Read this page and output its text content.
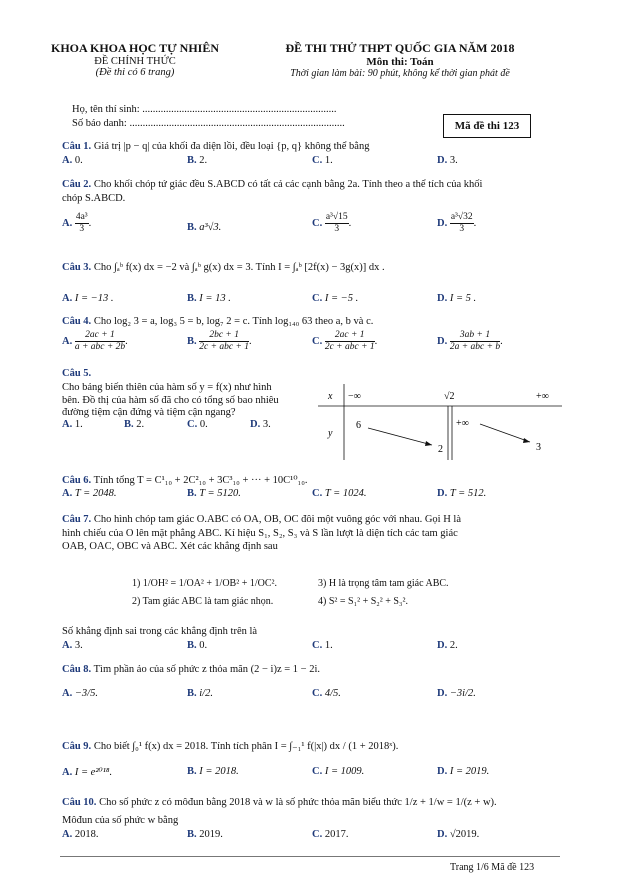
KHOA KHOA HỌC TỰ NHIÊN
ĐỀ CHÍNH THỨC
(Đề thi có 6 trang)
ĐỀ THI THỬ THPT QUỐC GIA NĂM 2018
Môn thi: Toán
Thời gian làm bài: 90 phút, không kể thời gian phát đề
Họ, tên thí sinh: ..........................................................................
Số báo danh: ..................................................................................	Mã đề thi 123
Câu 1. Giá trị |p − q| của khối đa diện lồi, đều loại {p, q} không thể bằng
A. 0.	B. 2.	C. 1.	D. 3.
Câu 2. Cho khối chóp tứ giác đều S.ABCD có tất cả các cạnh bằng 2a. Tính theo a thể tích của khối
chóp S.ABCD.
A. $\frac{\text{4a³}}{3}$ .	B. a³√3.	C. $\frac{\text{a³√15}}{3}$ .	D. $\frac{\text{a³√32}}{3}$ .
Câu 3. Cho ∫ₐᵇ f(x) dx = −2 và ∫ₐᵇ g(x) dx = 3. Tính I = ∫ₐᵇ [2f(x) − 3g(x)] dx .
A. I = −13 .	B. I = 13 .	C. I = −5 .	D. I = 5 .
Câu 4. Cho log₂ 3 = a, log₃ 5 = b, log₇ 2 = c. Tính log₁₄₀ 63 theo a, b và c.
A. $\frac{2ac + 1}{\text{a + abc + 2b}}$ .	B. $\frac{2bc + 1}{\text{2c + abc + 1}}$ .	C. $\frac{2ac + 1}{\text{2c + abc + 1}}$ .	D. $\frac{3ab + 1}{\text{2a + abc + b}}$ .
Câu 5.
Cho bảng biến thiên của hàm số y = f(x) như hình
bên. Đồ thị của hàm số đã cho có tổng số bao nhiêu
đường tiệm cận đứng và tiệm cận ngang?
A. 1.	B. 2.	C. 0.	D. 3.
x
y
−∞	√2	+∞
6
2
+∞
3
Câu 6. Tính tổng T = C¹₁₀ + 2C²₁₀ + 3C³₁₀ + ··· + 10C¹⁰₁₀.
A. T = 2048.	B. T = 5120.	C. T = 1024.	D. T = 512.
Câu 7. Cho hình chóp tam giác O.ABC có OA, OB, OC đôi một vuông góc với nhau. Gọi H là
hình chiếu của O lên mặt phẳng ABC. Kí hiệu S₁, S₂, S₃ và S lần lượt là diện tích các tam giác
OAB, OAC, OBC và ABC. Xét các khẳng định sau
1) 1/OH² = 1/OA² + 1/OB² + 1/OC².	3) H là trọng tâm tam giác ABC.
2) Tam giác ABC là tam giác nhọn.	4) S² = S₁² + S₂² + S₃².
Số khẳng định sai trong các khẳng định trên là
A. 3.	B. 0.	C. 1.	D. 2.
Câu 8. Tìm phần ảo của số phức z thỏa mãn (2 − i)z = 1 − 2i.
A. −3/5.	B. i/2.	C. 4/5.	D. −3i/2.
Câu 9. Cho biết ∫₀¹ f(x) dx = 2018. Tính tích phân I = ∫₋₁¹ f(|x|) dx / (1 + 2018ˣ).
A. I = e²⁰¹⁸.	B. I = 2018.	C. I = 1009.	D. I = 2019.
Câu 10. Cho số phức z có môđun bằng 2018 và w là số phức thỏa mãn biểu thức 1/z + 1/w = 1/(z + w).
Môđun của số phức w bằng
A. 2018.	B. 2019.	C. 2017.	D. √2019.
Trang 1/6 Mã đề 123
